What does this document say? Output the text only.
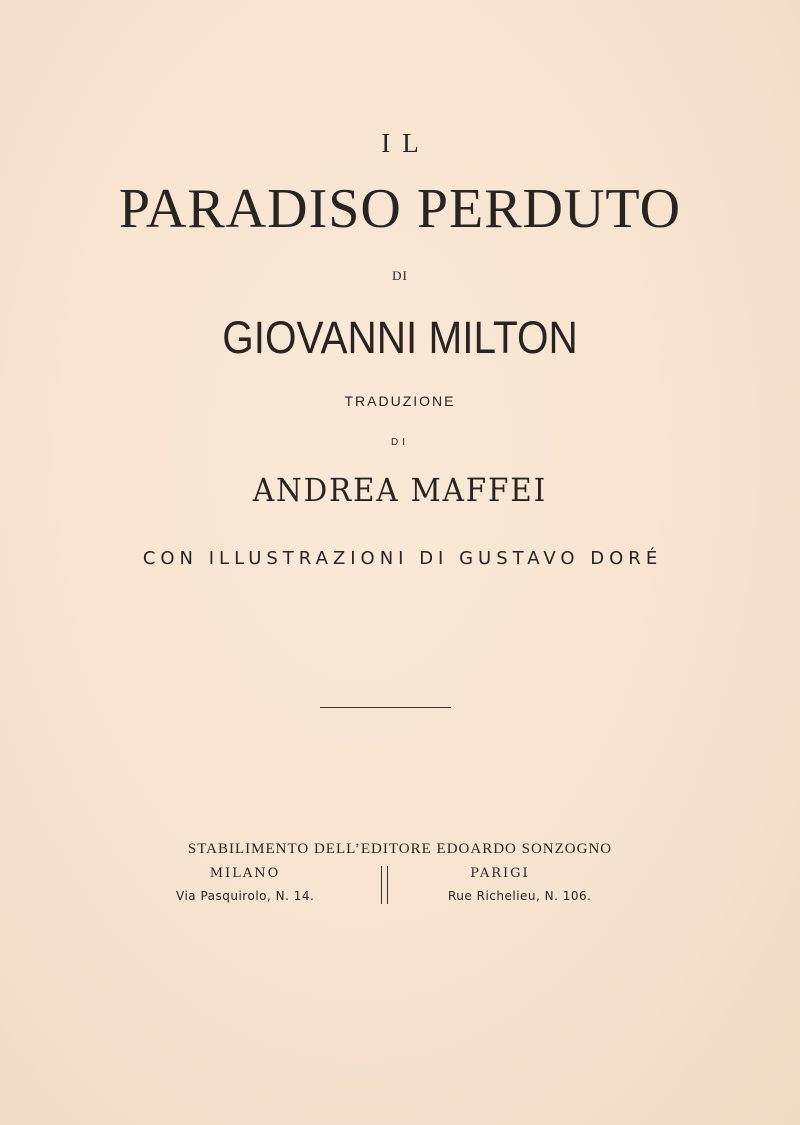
IL
PARADISO PERDUTO
DI
GIOVANNI MILTON
TRADUZIONE
DI
ANDREA MAFFEI
CON ILLUSTRAZIONI DI GUSTAVO DORÉ
STABILIMENTO DELL’EDITORE EDOARDO SONZOGNO
MILANO
Via Pasquirolo, N. 14.
PARIGI
Rue Richelieu, N. 106.
